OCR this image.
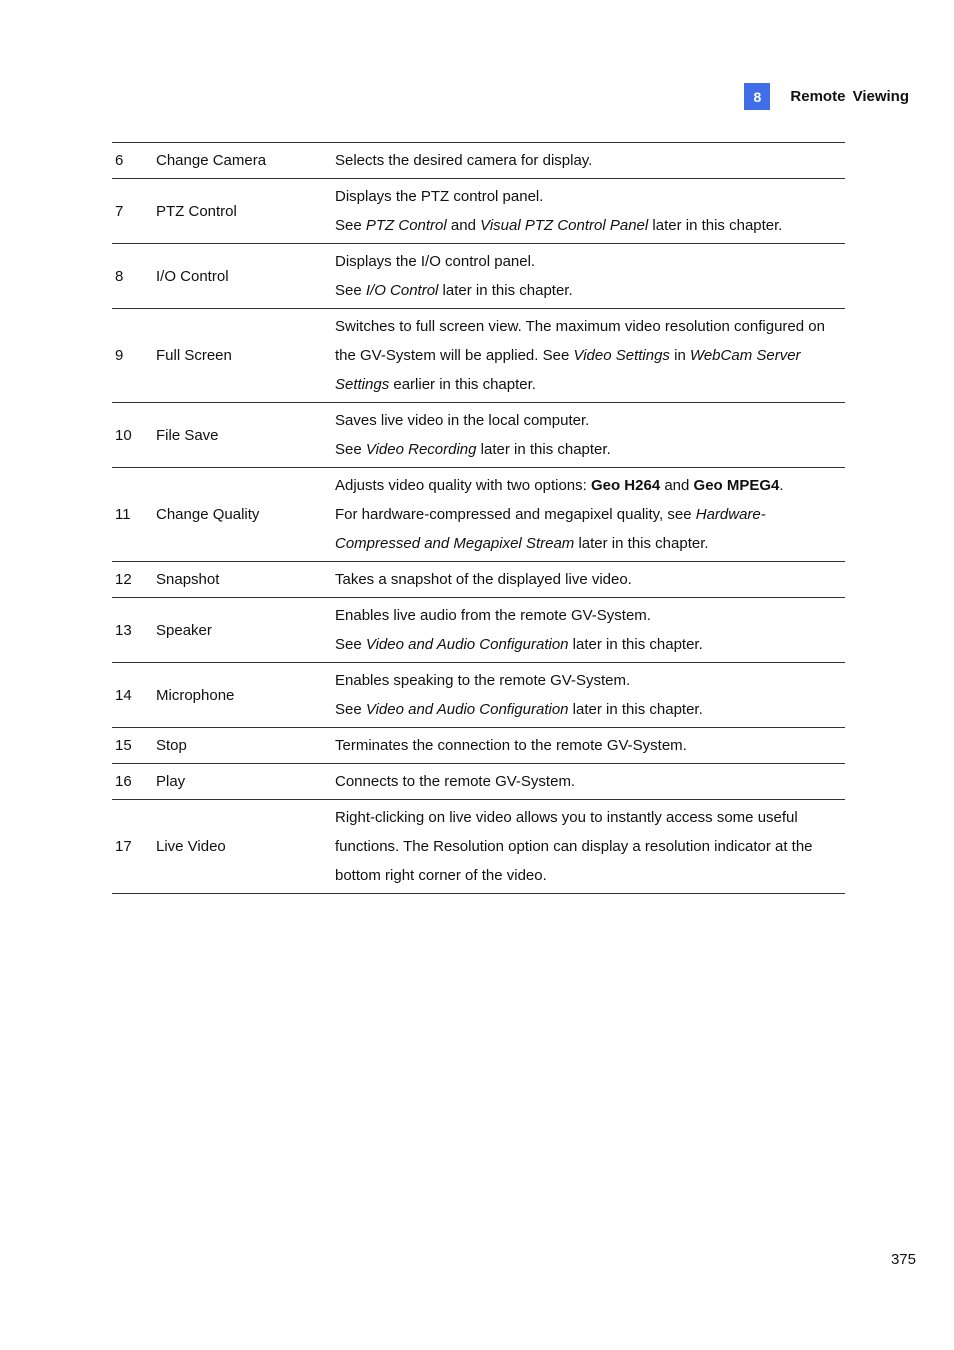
8	Remote Viewing
6	Change Camera	Selects the desired camera for display.

7	PTZ Control	Displays the PTZ control panel.
See PTZ Control and Visual PTZ Control Panel later in this chapter.

8	I/O Control	Displays the I/O control panel.
See I/O Control later in this chapter.

9	Full Screen	Switches to full screen view. The maximum video resolution configured on the GV-System will be applied. See Video Settings in WebCam Server Settings earlier in this chapter.

10	File Save	Saves live video in the local computer.
See Video Recording later in this chapter.

11	Change Quality	Adjusts video quality with two options: Geo H264 and Geo MPEG4.
For hardware-compressed and megapixel quality, see Hardware-Compressed and Megapixel Stream later in this chapter.

12	Snapshot	Takes a snapshot of the displayed live video.

13	Speaker	Enables live audio from the remote GV-System.
See Video and Audio Configuration later in this chapter.

14	Microphone	Enables speaking to the remote GV-System.
See Video and Audio Configuration later in this chapter.

15	Stop	Terminates the connection to the remote GV-System.

16	Play	Connects to the remote GV-System.

17	Live Video	Right-clicking on live video allows you to instantly access some useful functions. The Resolution option can display a resolution indicator at the bottom right corner of the video.
375
